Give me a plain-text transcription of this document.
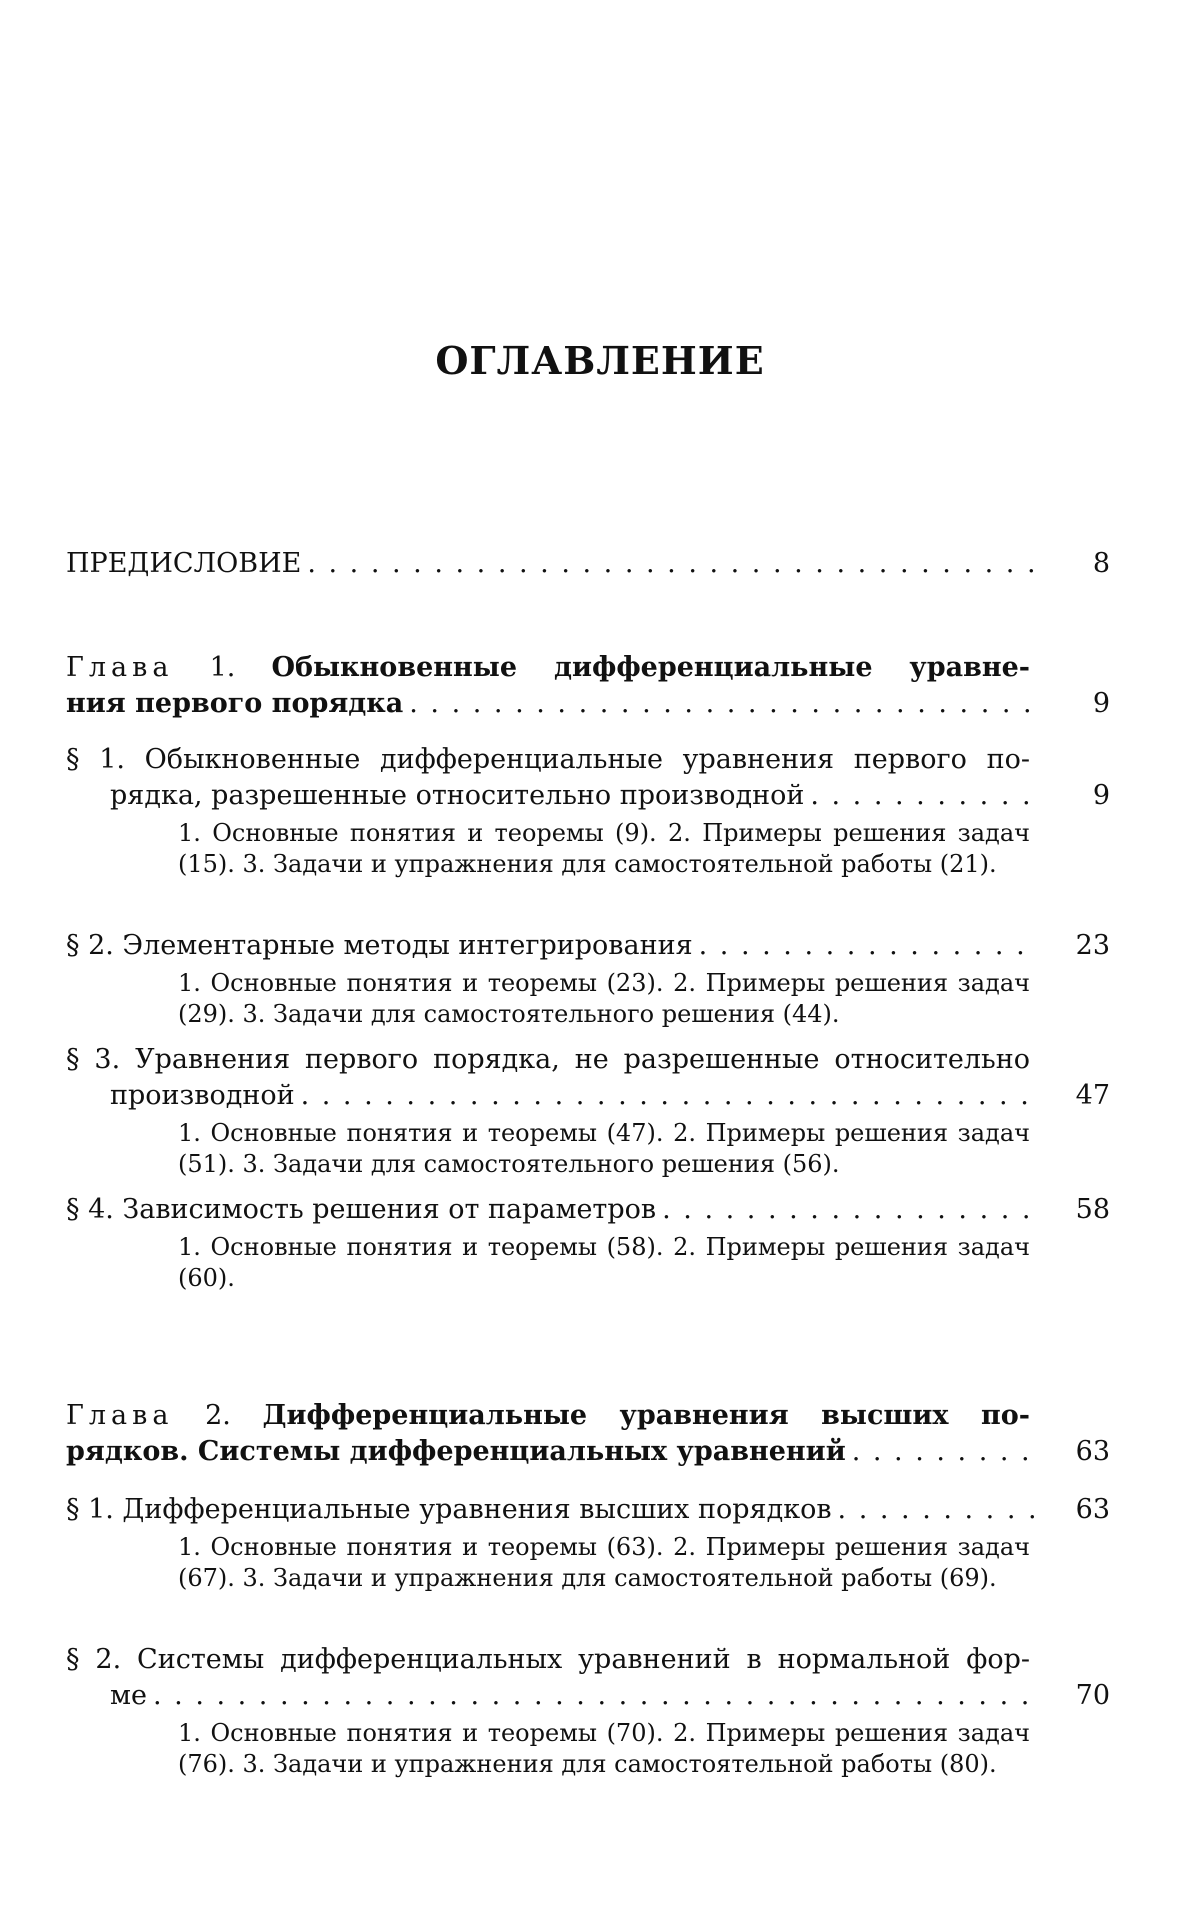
ОГЛАВЛЕНИЕ
ПРЕДИСЛОВИЕ . . .	8
Глава 1. Обыкновенные дифференциальные уравне-
ния первого порядка . . .	9
§ 1. Обыкновенные дифференциальные уравнения первого по-
рядка, разрешенные относительно производной . . .	9
1. Основные понятия и теоремы (9). 2. Примеры решения задач (15). 3. Задачи и упражнения для самостоятельной работы (21).
§ 2. Элементарные методы интегрирования . . .	23
1. Основные понятия и теоремы (23). 2. Примеры решения задач (29). 3. Задачи для самостоятельного решения (44).
§ 3. Уравнения первого порядка, не разрешенные относительно
производной . . .	47
1. Основные понятия и теоремы (47). 2. Примеры решения задач (51). 3. Задачи для самостоятельного решения (56).
§ 4. Зависимость решения от параметров . . .	58
1. Основные понятия и теоремы (58). 2. Примеры решения задач (60).
Глава 2. Дифференциальные уравнения высших по-
рядков. Системы дифференциальных уравнений . . .	63
§ 1. Дифференциальные уравнения высших порядков . . .	63
1. Основные понятия и теоремы (63). 2. Примеры решения задач (67). 3. Задачи и упражнения для самостоятельной работы (69).
§ 2. Системы дифференциальных уравнений в нормальной фор-
ме . . .	70
1. Основные понятия и теоремы (70). 2. Примеры решения задач (76). 3. Задачи и упражнения для самостоятельной работы (80).
